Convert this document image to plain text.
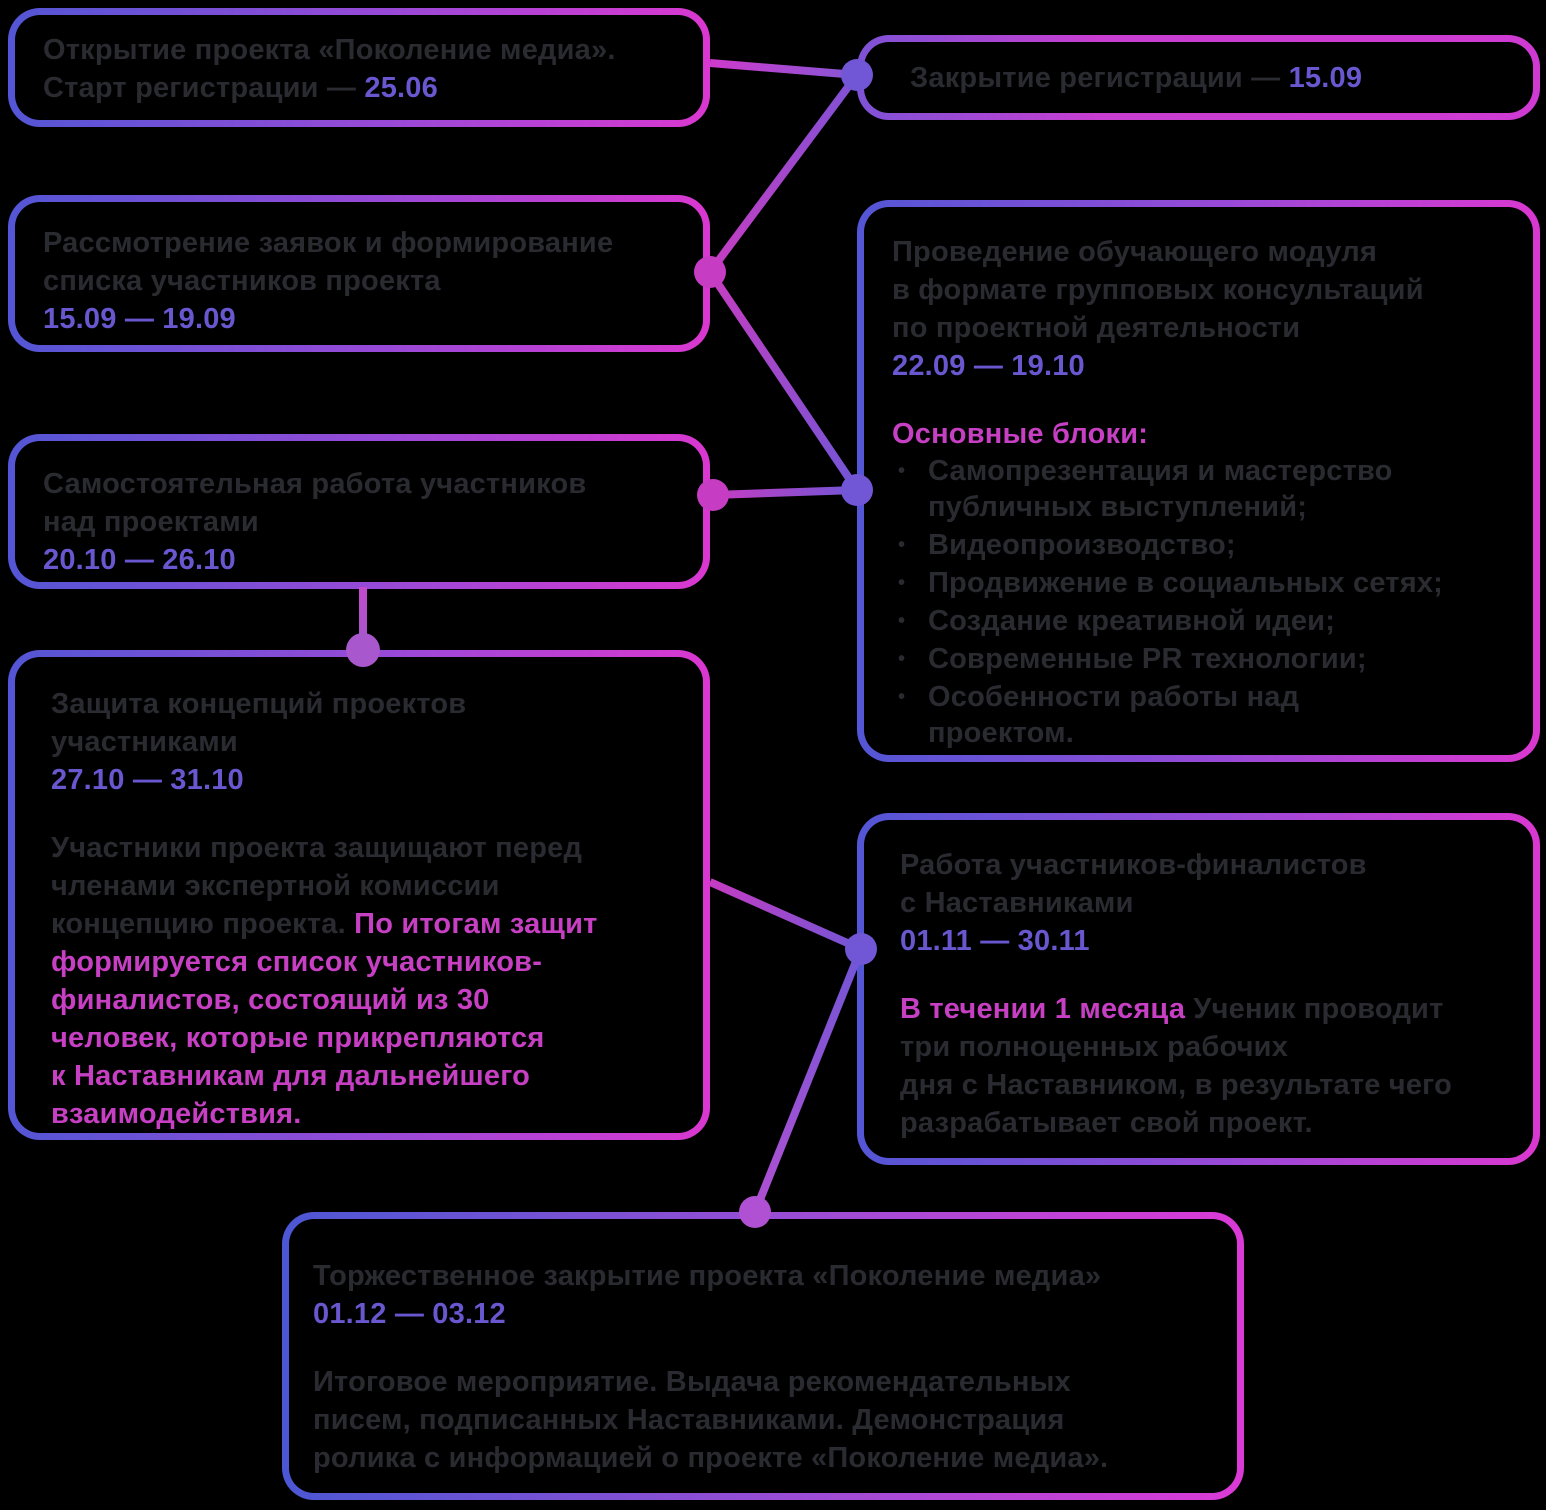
Открытие проекта «Поколение медиа».
Старт регистрации — 25.06	Закрытие регистрации — 15.09
Рассмотрение заявок и формирование
списка участников проекта
15.09 — 19.09
Проведение обучающего модуля
в формате групповых консультаций
по проектной деятельности
22.09 — 19.10
Основные блоки:
• Самопрезентация и мастерство
публичных выступлений;
• Видеопроизводство;
• Продвижение в социальных сетях;
• Создание креативной идеи;
• Современные PR технологии;
• Особенности работы над
проектом.
Самостоятельная работа участников
над проектами
20.10 — 26.10
Защита концепций проектов
участниками
27.10 — 31.10
Участники проекта защищают перед
членами экспертной комиссии
концепцию проекта. По итогам защит
формируется список участников-
финалистов, состоящий из 30
человек, которые прикрепляются
к Наставникам для дальнейшего
взаимодействия.
Работа участников-финалистов
с Наставниками
01.11 — 30.11
В течении 1 месяца Ученик проводит
три полноценных рабочих
дня с Наставником, в результате чего
разрабатывает свой проект.
Торжественное закрытие проекта «Поколение медиа»
01.12 — 03.12
Итоговое мероприятие. Выдача рекомендательных
писем, подписанных Наставниками. Демонстрация
ролика с информацией о проекте «Поколение медиа».
